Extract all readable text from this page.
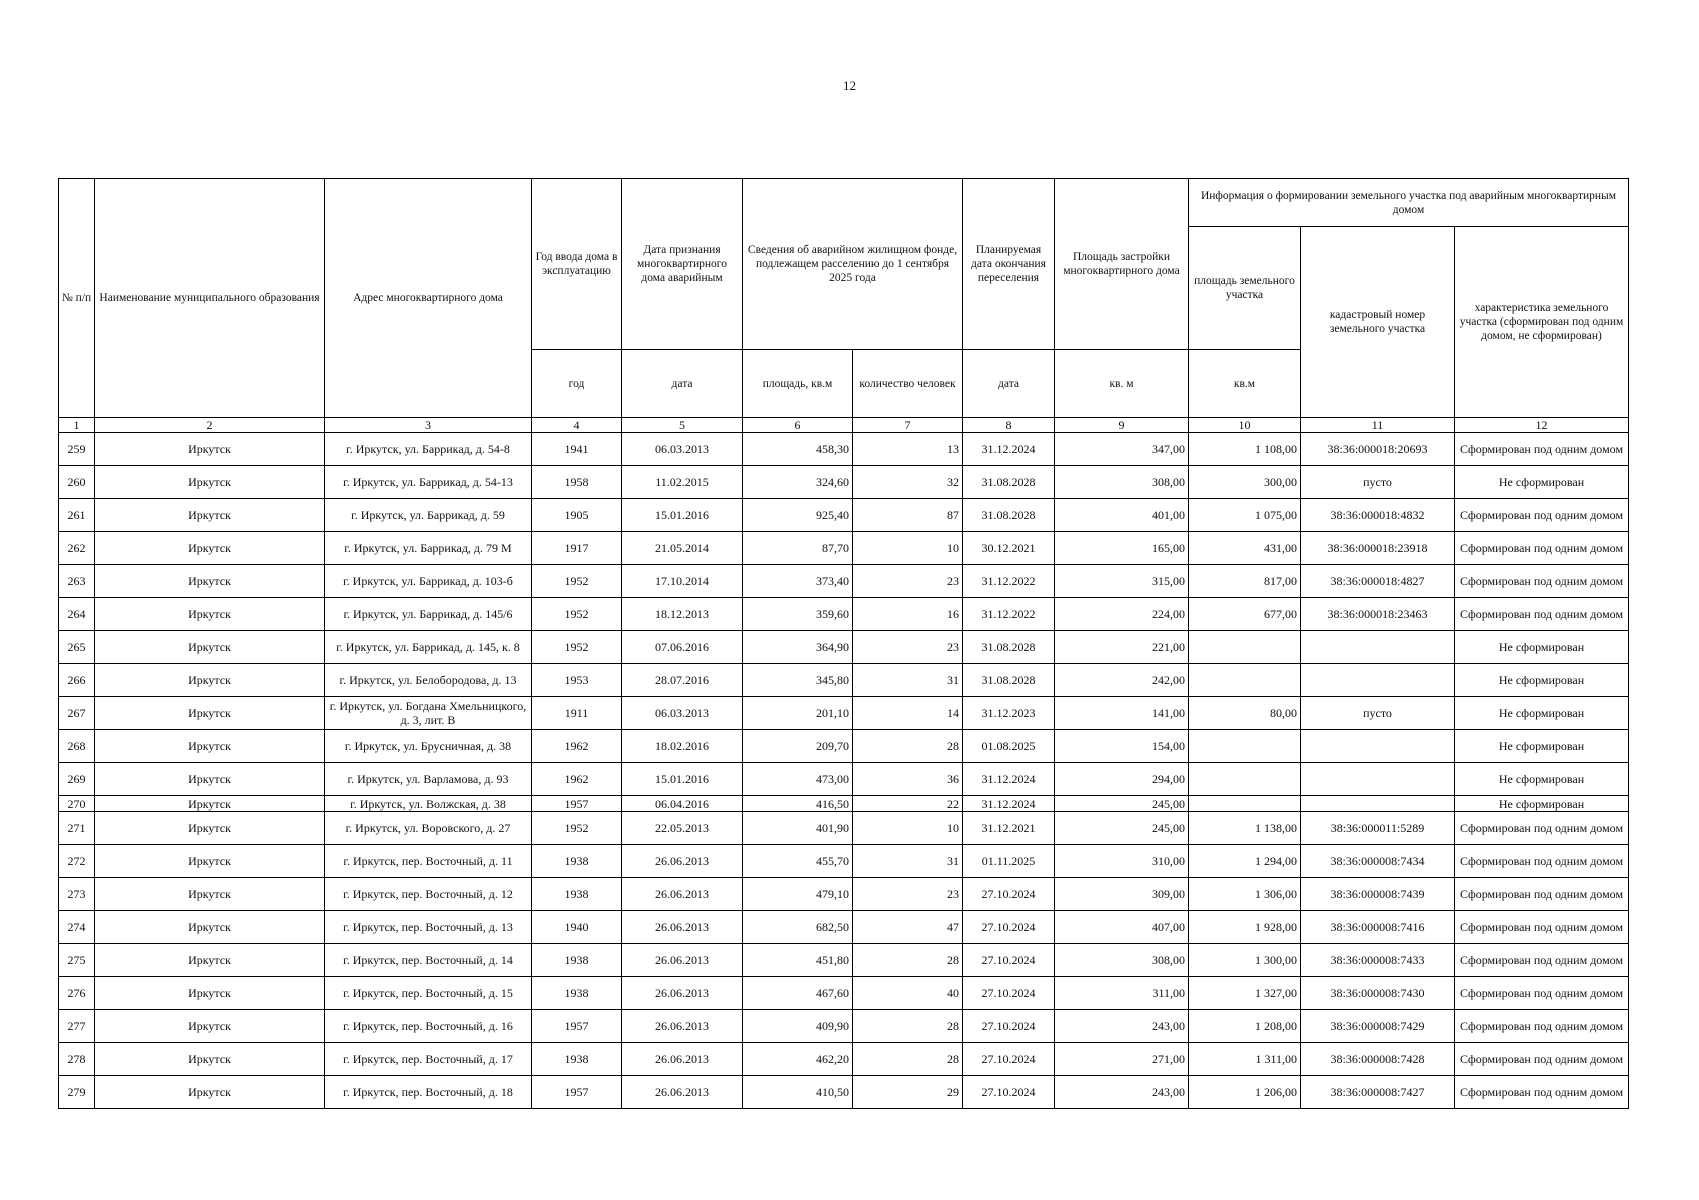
12
№ п/п	Наименование муниципального образования	Адрес многоквартирного дома	Год ввода дома в эксплуатацию	Дата признания многоквартирного дома аварийным	Сведения об аварийном жилищном фонде, подлежащем расселению до 1 сентября 2025 года		Планируемая дата окончания переселения	Площадь застройки многоквартирного дома	Информация о формировании земельного участка под аварийным многоквартирным домом		
									площадь земельного участка	кадастровый номер земельного участка	характеристика земельного участка (сформирован под одним домом, не сформирован)
			год	дата	площадь, кв.м	количество человек	дата	кв. м	кв.м		
1	2	3	4	5	6	7	8	9	10	11	12
259	Иркутск	г. Иркутск, ул. Баррикад, д. 54-8	1941	06.03.2013	458,30	13	31.12.2024	347,00	1 108,00	38:36:000018:20693	Сформирован под одним домом
260	Иркутск	г. Иркутск, ул. Баррикад, д. 54-13	1958	11.02.2015	324,60	32	31.08.2028	308,00	300,00	пусто	Не сформирован
261	Иркутск	г. Иркутск, ул. Баррикад, д. 59	1905	15.01.2016	925,40	87	31.08.2028	401,00	1 075,00	38:36:000018:4832	Сформирован под одним домом
262	Иркутск	г. Иркутск, ул. Баррикад, д. 79 М	1917	21.05.2014	87,70	10	30.12.2021	165,00	431,00	38:36:000018:23918	Сформирован под одним домом
263	Иркутск	г. Иркутск, ул. Баррикад, д. 103-б	1952	17.10.2014	373,40	23	31.12.2022	315,00	817,00	38:36:000018:4827	Сформирован под одним домом
264	Иркутск	г. Иркутск, ул. Баррикад, д. 145/6	1952	18.12.2013	359,60	16	31.12.2022	224,00	677,00	38:36:000018:23463	Сформирован под одним домом
265	Иркутск	г. Иркутск, ул. Баррикад, д. 145, к. 8	1952	07.06.2016	364,90	23	31.08.2028	221,00			Не сформирован
266	Иркутск	г. Иркутск, ул. Белобородова, д. 13	1953	28.07.2016	345,80	31	31.08.2028	242,00			Не сформирован
267	Иркутск	г. Иркутск, ул. Богдана Хмельницкого, д. 3, лит. В	1911	06.03.2013	201,10	14	31.12.2023	141,00	80,00	пусто	Не сформирован
268	Иркутск	г. Иркутск, ул. Брусничная, д. 38	1962	18.02.2016	209,70	28	01.08.2025	154,00			Не сформирован
269	Иркутск	г. Иркутск, ул. Варламова, д. 93	1962	15.01.2016	473,00	36	31.12.2024	294,00			Не сформирован
270	Иркутск	г. Иркутск, ул. Волжская, д. 38	1957	06.04.2016	416,50	22	31.12.2024	245,00			Не сформирован
271	Иркутск	г. Иркутск, ул. Воровского, д. 27	1952	22.05.2013	401,90	10	31.12.2021	245,00	1 138,00	38:36:000011:5289	Сформирован под одним домом
272	Иркутск	г. Иркутск, пер. Восточный, д. 11	1938	26.06.2013	455,70	31	01.11.2025	310,00	1 294,00	38:36:000008:7434	Сформирован под одним домом
273	Иркутск	г. Иркутск, пер. Восточный, д. 12	1938	26.06.2013	479,10	23	27.10.2024	309,00	1 306,00	38:36:000008:7439	Сформирован под одним домом
274	Иркутск	г. Иркутск, пер. Восточный, д. 13	1940	26.06.2013	682,50	47	27.10.2024	407,00	1 928,00	38:36:000008:7416	Сформирован под одним домом
275	Иркутск	г. Иркутск, пер. Восточный, д. 14	1938	26.06.2013	451,80	28	27.10.2024	308,00	1 300,00	38:36:000008:7433	Сформирован под одним домом
276	Иркутск	г. Иркутск, пер. Восточный, д. 15	1938	26.06.2013	467,60	40	27.10.2024	311,00	1 327,00	38:36:000008:7430	Сформирован под одним домом
277	Иркутск	г. Иркутск, пер. Восточный, д. 16	1957	26.06.2013	409,90	28	27.10.2024	243,00	1 208,00	38:36:000008:7429	Сформирован под одним домом
278	Иркутск	г. Иркутск, пер. Восточный, д. 17	1938	26.06.2013	462,20	28	27.10.2024	271,00	1 311,00	38:36:000008:7428	Сформирован под одним домом
279	Иркутск	г. Иркутск, пер. Восточный, д. 18	1957	26.06.2013	410,50	29	27.10.2024	243,00	1 206,00	38:36:000008:7427	Сформирован под одним домом
